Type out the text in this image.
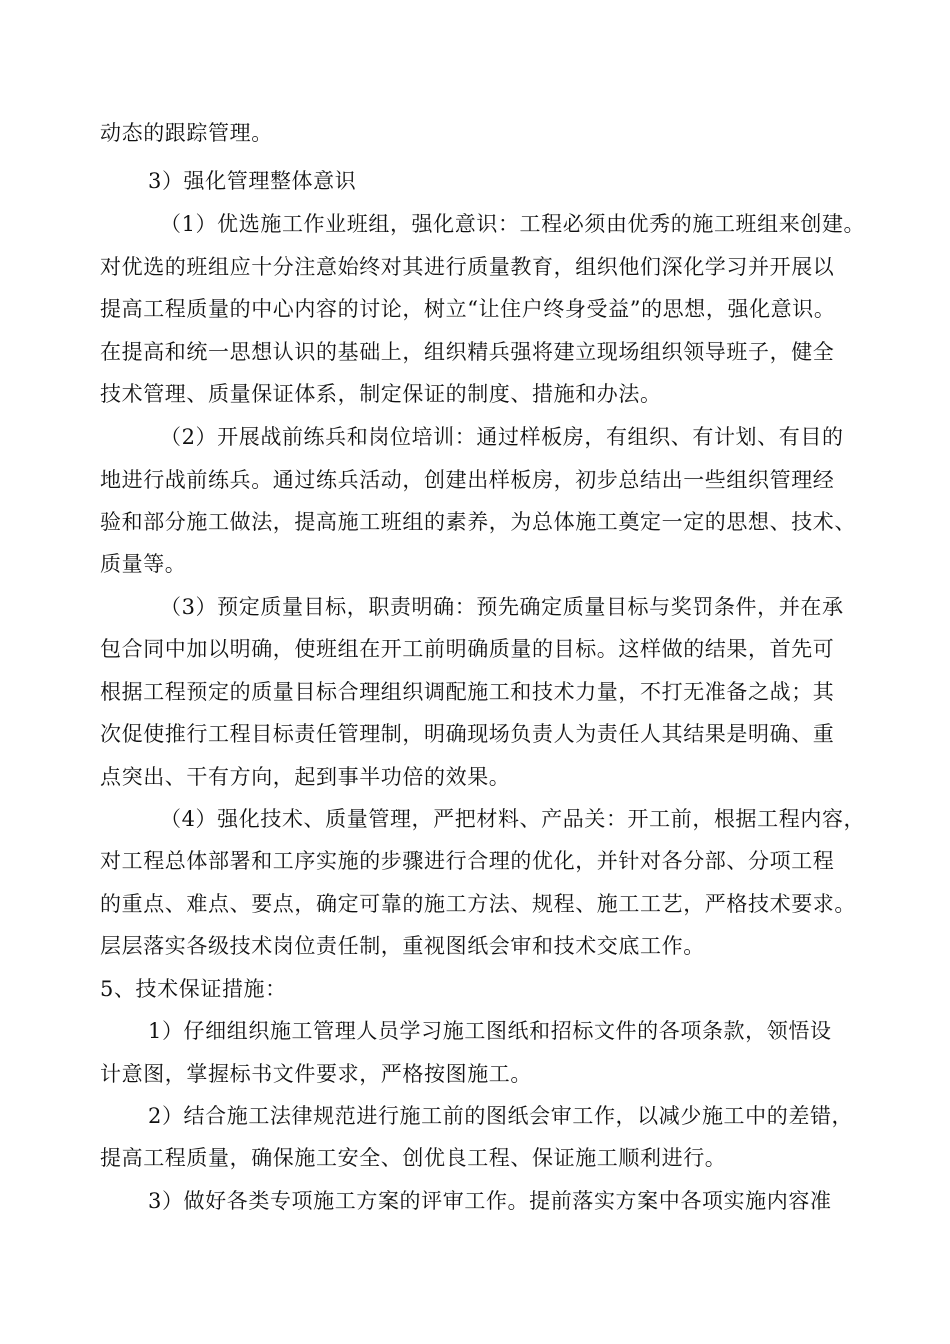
动态的跟踪管理。

3）强化管理整体意识

（1）优选施工作业班组，强化意识：工程必须由优秀的施工班组来创建。

对优选的班组应十分注意始终对其进行质量教育，组织他们深化学习并开展以

提高工程质量的中心内容的讨论，树立“让住户终身受益”的思想，强化意识。

在提高和统一思想认识的基础上，组织精兵强将建立现场组织领导班子，健全

技术管理、质量保证体系，制定保证的制度、措施和办法。

（2）开展战前练兵和岗位培训：通过样板房，有组织、有计划、有目的

地进行战前练兵。通过练兵活动，创建出样板房，初步总结出一些组织管理经

验和部分施工做法，提高施工班组的素养，为总体施工奠定一定的思想、技术、

质量等。

（3）预定质量目标，职责明确：预先确定质量目标与奖罚条件，并在承

包合同中加以明确，使班组在开工前明确质量的目标。这样做的结果，首先可

根据工程预定的质量目标合理组织调配施工和技术力量，不打无准备之战；其

次促使推行工程目标责任管理制，明确现场负责人为责任人其结果是明确、重

点突出、干有方向，起到事半功倍的效果。

（4）强化技术、质量管理，严把材料、产品关：开工前，根据工程内容，

对工程总体部署和工序实施的步骤进行合理的优化，并针对各分部、分项工程

的重点、难点、要点，确定可靠的施工方法、规程、施工工艺，严格技术要求。

层层落实各级技术岗位责任制，重视图纸会审和技术交底工作。

5、技术保证措施：

1）仔细组织施工管理人员学习施工图纸和招标文件的各项条款，领悟设

计意图，掌握标书文件要求，严格按图施工。

2）结合施工法律规范进行施工前的图纸会审工作，以减少施工中的差错，

提高工程质量，确保施工安全、创优良工程、保证施工顺利进行。

3）做好各类专项施工方案的评审工作。提前落实方案中各项实施内容准
